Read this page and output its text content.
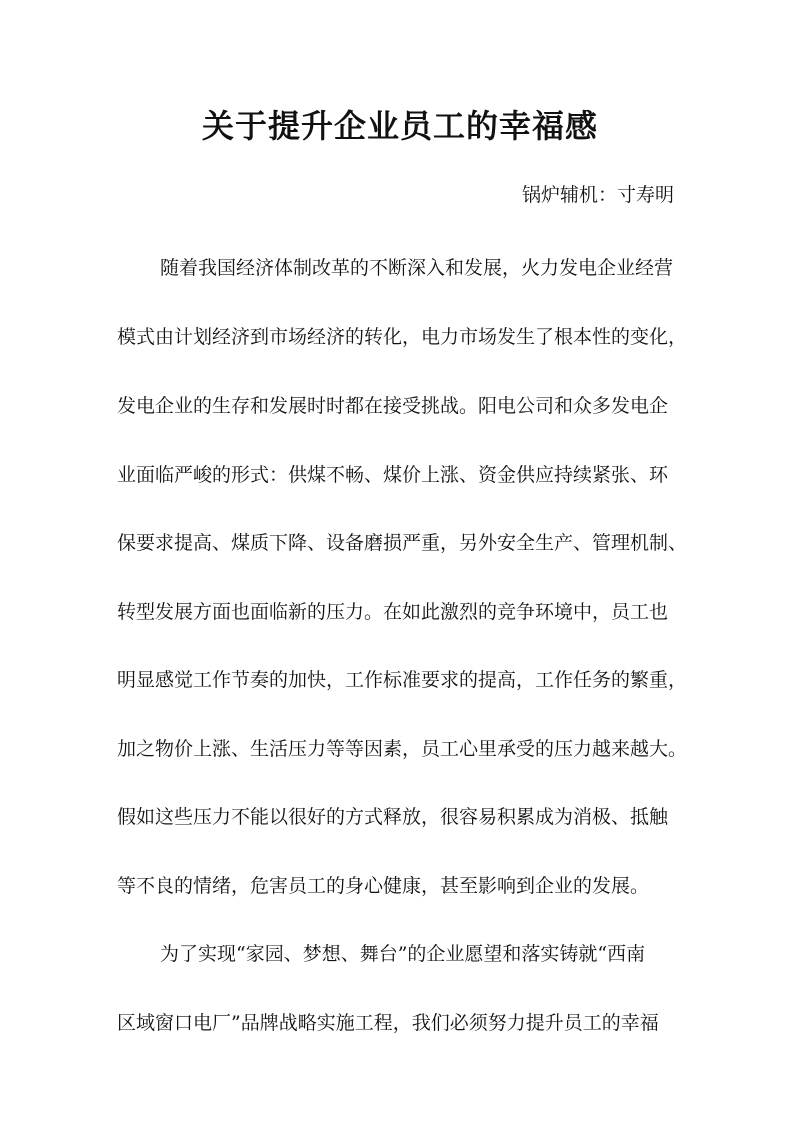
关于提升企业员工的幸福感

锅炉辅机：寸寿明

随着我国经济体制改革的不断深入和发展，火力发电企业经营

模式由计划经济到市场经济的转化，电力市场发生了根本性的变化，

发电企业的生存和发展时时都在接受挑战。阳电公司和众多发电企

业面临严峻的形式：供煤不畅、煤价上涨、资金供应持续紧张、环

保要求提高、煤质下降、设备磨损严重，另外安全生产、管理机制、

转型发展方面也面临新的压力。在如此激烈的竞争环境中，员工也

明显感觉工作节奏的加快，工作标准要求的提高，工作任务的繁重，

加之物价上涨、生活压力等等因素，员工心里承受的压力越来越大。

假如这些压力不能以很好的方式释放，很容易积累成为消极、抵触

等不良的情绪，危害员工的身心健康，甚至影响到企业的发展。

为了实现“家园、梦想、舞台”的企业愿望和落实铸就“西南

区域窗口电厂”品牌战略实施工程，我们必须努力提升员工的幸福
